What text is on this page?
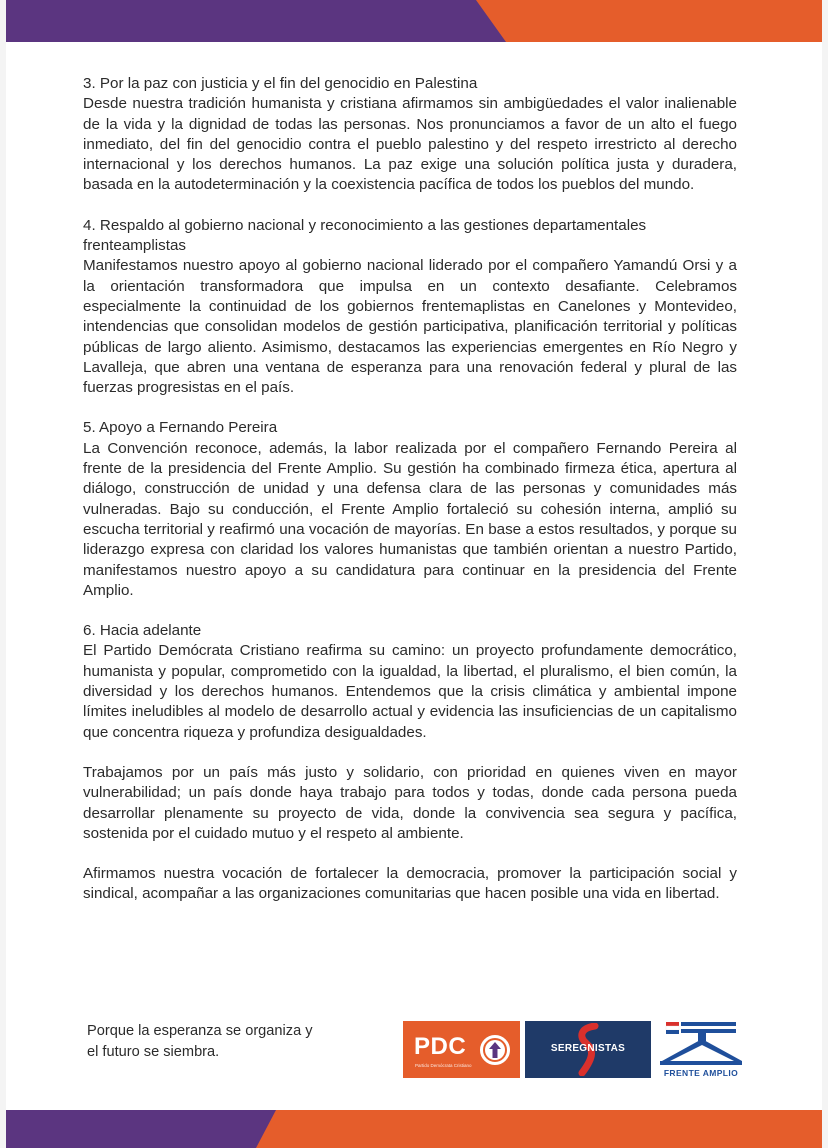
3. Por la paz con justicia y el fin del genocidio en Palestina

Desde nuestra tradición humanista y cristiana afirmamos sin ambigüedades el valor inalienable de la vida y la dignidad de todas las personas. Nos pronunciamos a favor de un alto el fuego inmediato, del fin del genocidio contra el pueblo palestino y del respeto irrestricto al derecho internacional y los derechos humanos. La paz exige una solución política justa y duradera, basada en la autodeterminación y la coexistencia pacífica de todos los pueblos del mundo.

4. Respaldo al gobierno nacional y reconocimiento a las gestiones departamentales frenteamplistas

Manifestamos nuestro apoyo al gobierno nacional liderado por el compañero Yamandú Orsi y a la orientación transformadora que impulsa en un contexto desafiante. Celebramos especialmente la continuidad de los gobiernos frentemaplistas en Canelones y Montevideo, intendencias que consolidan modelos de gestión participativa, planificación territorial y políticas públicas de largo aliento. Asimismo, destacamos las experiencias emergentes en Río Negro y Lavalleja, que abren una ventana de esperanza para una renovación federal y plural de las fuerzas progresistas en el país.

5. Apoyo a Fernando Pereira

La Convención reconoce, además, la labor realizada por el compañero Fernando Pereira al frente de la presidencia del Frente Amplio. Su gestión ha combinado firmeza ética, apertura al diálogo, construcción de unidad y una defensa clara de las personas y comunidades más vulneradas. Bajo su conducción, el Frente Amplio fortaleció su cohesión interna, amplió su escucha territorial y reafirmó una vocación de mayorías. En base a estos resultados, y porque su liderazgo expresa con claridad los valores humanistas que también orientan a nuestro Partido, manifestamos nuestro apoyo a su candidatura para continuar en la presidencia del Frente Amplio.

6. Hacia adelante

El Partido Demócrata Cristiano reafirma su camino: un proyecto profundamente democrático, humanista y popular, comprometido con la igualdad, la libertad, el pluralismo, el bien común, la diversidad y los derechos humanos. Entendemos que la crisis climática y ambiental impone límites ineludibles al modelo de desarrollo actual y evidencia las insuficiencias de un capitalismo que concentra riqueza y profundiza desigualdades.

Trabajamos por un país más justo y solidario, con prioridad en quienes viven en mayor vulnerabilidad; un país donde haya trabajo para todos y todas, donde cada persona pueda desarrollar plenamente su proyecto de vida, donde la convivencia sea segura y pacífica, sostenida por el cuidado mutuo y el respeto al ambiente.

Afirmamos nuestra vocación de fortalecer la democracia, promover la participación social y sindical, acompañar a las organizaciones comunitarias que hacen posible una vida en libertad.

Porque la esperanza se organiza y
el futuro se siembra.	PDC
Partido Demócrata Cristiano
SEREGNISTAS
FRENTE AMPLIO
